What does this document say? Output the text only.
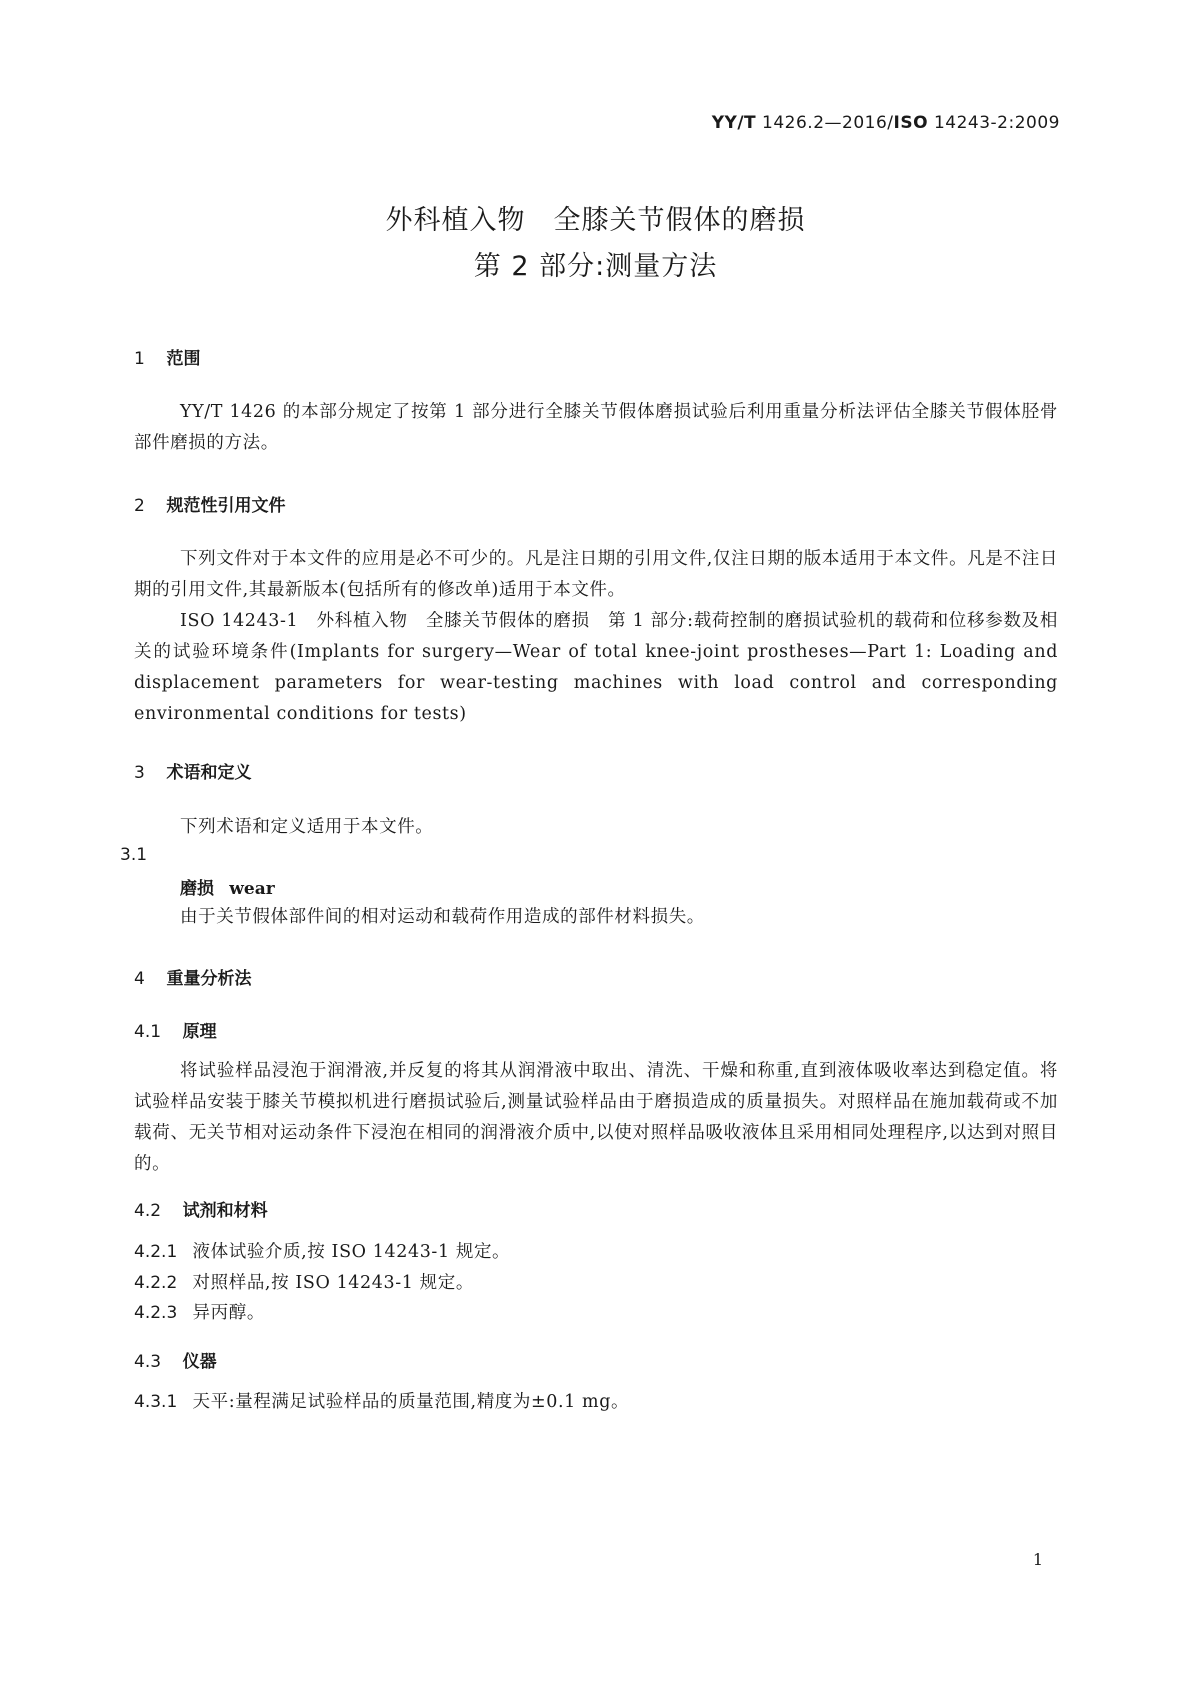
YY/T 1426.2—2016/ISO 14243-2:2009
外科植入物　全膝关节假体的磨损
第 2 部分:测量方法
1 范围
YY/T 1426 的本部分规定了按第 1 部分进行全膝关节假体磨损试验后利用重量分析法评估全膝关节假体胫骨部件磨损的方法。
2 规范性引用文件
下列文件对于本文件的应用是必不可少的。凡是注日期的引用文件,仅注日期的版本适用于本文件。凡是不注日期的引用文件,其最新版本(包括所有的修改单)适用于本文件。
ISO 14243-1　外科植入物　全膝关节假体的磨损　第 1 部分:载荷控制的磨损试验机的载荷和位移参数及相关的试验环境条件(Implants for surgery—Wear of total knee-joint prostheses—Part 1: Loading and displacement parameters for wear-testing machines with load control and corresponding environmental conditions for tests)
3 术语和定义
下列术语和定义适用于本文件。
3.1
磨损 wear
由于关节假体部件间的相对运动和载荷作用造成的部件材料损失。
4 重量分析法
4.1 原理
将试验样品浸泡于润滑液,并反复的将其从润滑液中取出、清洗、干燥和称重,直到液体吸收率达到稳定值。将试验样品安装于膝关节模拟机进行磨损试验后,测量试验样品由于磨损造成的质量损失。对照样品在施加载荷或不加载荷、无关节相对运动条件下浸泡在相同的润滑液介质中,以使对照样品吸收液体且采用相同处理程序,以达到对照目的。
4.2 试剂和材料
4.2.1 液体试验介质,按 ISO 14243-1 规定。
4.2.2 对照样品,按 ISO 14243-1 规定。
4.2.3 异丙醇。
4.3 仪器
4.3.1 天平:量程满足试验样品的质量范围,精度为±0.1 mg。
1
